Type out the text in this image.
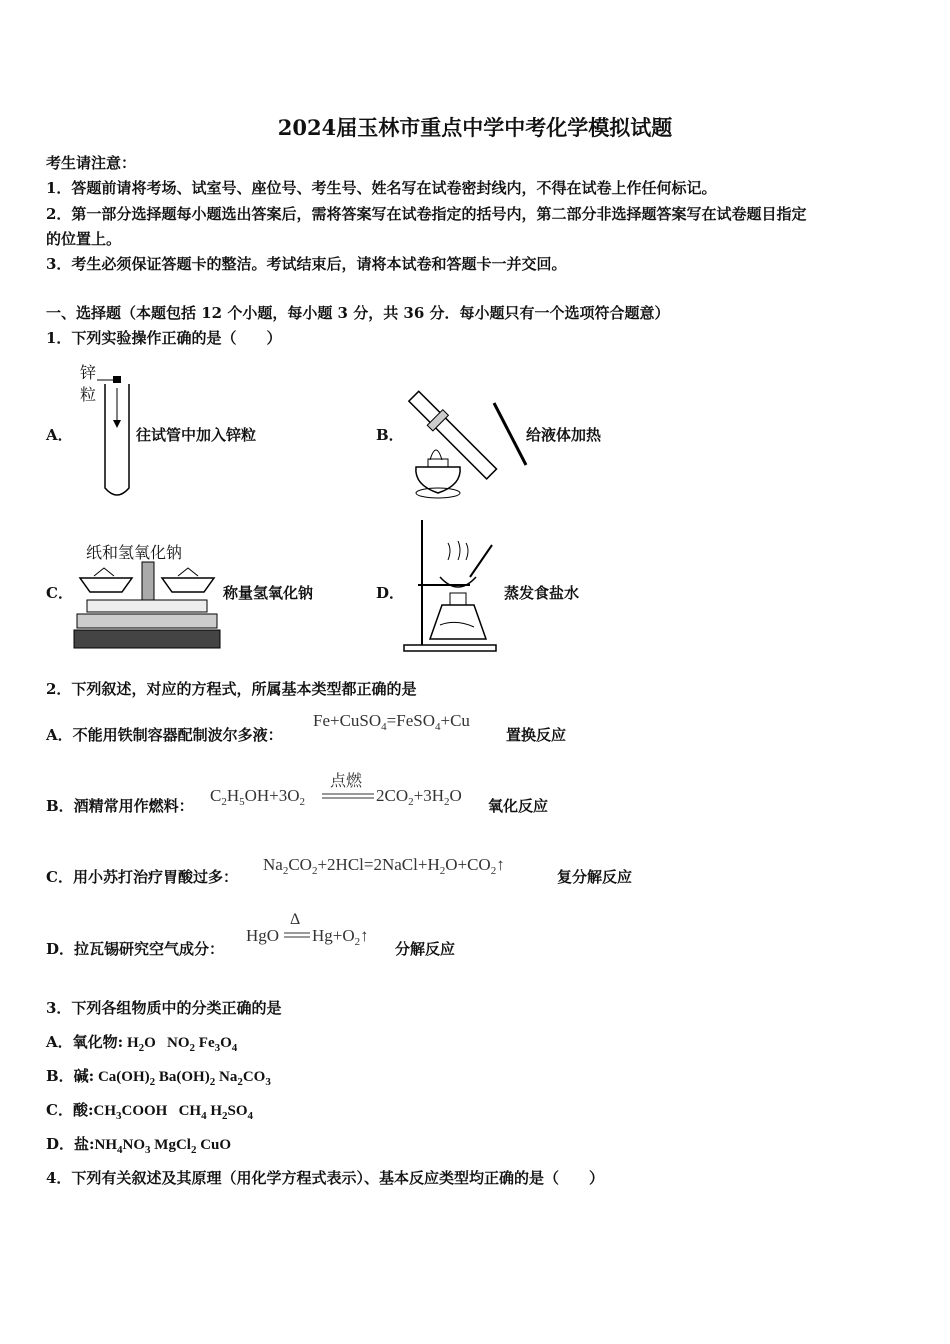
2024届玉林市重点中学中考化学模拟试题
考生请注意：
1．答题前请将考场、试室号、座位号、考生号、姓名写在试卷密封线内，不得在试卷上作任何标记。
2．第一部分选择题每小题选出答案后，需将答案写在试卷指定的括号内，第二部分非选择题答案写在试卷题目指定
的位置上。
3．考生必须保证答题卡的整洁。考试结束后，请将本试卷和答题卡一并交回。
一、选择题（本题包括 12 个小题，每小题 3 分，共 36 分．每小题只有一个选项符合题意）
1．下列实验操作正确的是（　　）
锌
粒
A．	往试管中加入锌粒	B．	给液体加热
纸和氢氧化钠
C．	称量氢氧化钠	D．	蒸发食盐水
2．下列叙述，对应的方程式，所属基本类型都正确的是
A．不能用铁制容器配制波尔多液：
Fe+CuSO$_4$=FeSO$_4$+Cu
置换反应
B．酒精常用作燃料：
$C_2H_5OH+3O_2$
点燃
$2CO_2+3H_2O$
氧化反应
C．用小苏打治疗胃酸过多：
$Na_2CO_2+2HCl=2NaCl+H_2O+CO_2↑$
复分解反应
D．拉瓦锡研究空气成分：
HgO
Δ
$Hg+O_2↑$
分解反应
3．下列各组物质中的分类正确的是
A．氧化物: $H_2O$   $NO_2$ $Fe_3O_4$
B．碱: $Ca(OH)_2$ $Ba(OH)_2$ $Na_2CO_3$
C．酸$:CH_3COOH$   $CH_4$ $H_2SO_4$
D．盐$:NH_4NO_3$ MgCl$_2$ CuO
4．下列有关叙述及其原理（用化学方程式表示）、基本反应类型均正确的是（　　）
